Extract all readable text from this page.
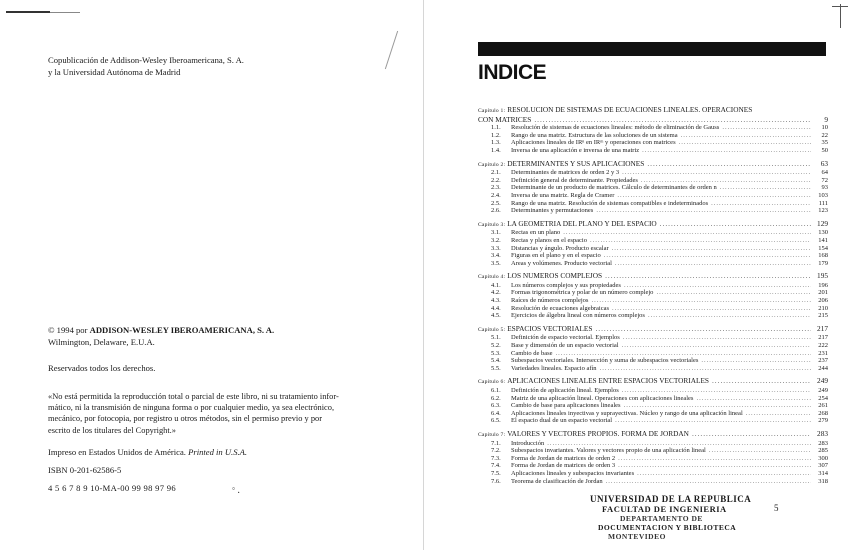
Copublicación de Addison-Wesley Iberoamericana, S. A.
y la Universidad Autónoma de Madrid
© 1994 por ADDISON-WESLEY IBEROAMERICANA, S. A.
Wilmington, Delaware, E.U.A.
Reservados todos los derechos.
«No está permitida la reproducción total o parcial de este libro, ni su tratamiento infor-
mático, ni la transmisión de ninguna forma o por cualquier medio, ya sea electrónico,
mecánico, por fotocopia, por registro u otros métodos, sin el permiso previo y por
escrito de los titulares del Copyright.»
Impreso en Estados Unidos de América. Printed in U.S.A.
ISBN 0-201-62586-5
4 5 6 7 8 9 10-MA-00 99 98 97 96	ﾟ·
INDICE
Capítulo 1: RESOLUCION DE SISTEMAS DE ECUACIONES LINEALES. OPERACIONES
CON MATRICES .....	9
1.1.	Resolución de sistemas de ecuaciones lineales: método de eliminación de Gauss .....	10
1.2.	Rango de una matriz. Estructura de las soluciones de un sistema .....	22
1.3.	Aplicaciones lineales de IRⁿ en IRᵐ y operaciones con matrices .....	35
1.4.	Inversa de una aplicación e inversa de una matriz .....	50
Capítulo 2: DETERMINANTES Y SUS APLICACIONES .....	63
2.1.	Determinantes de matrices de orden 2 y 3 .....	64
2.2.	Definición general de determinante. Propiedades .....	72
2.3.	Determinante de un producto de matrices. Cálculo de determinantes de orden n .....	93
2.4.	Inversa de una matriz. Regla de Cramer .....	103
2.5.	Rango de una matriz. Resolución de sistemas compatibles e indeterminados .....	111
2.6.	Determinantes y permutaciones .....	123
Capítulo 3: LA GEOMETRIA DEL PLANO Y DEL ESPACIO .....	129
3.1.	Rectas en un plano .....	130
3.2.	Rectas y planos en el espacio .....	141
3.3.	Distancias y ángulo. Producto escalar .....	154
3.4.	Figuras en el plano y en el espacio .....	168
3.5.	Areas y volúmenes. Producto vectorial .....	179
Capítulo 4: LOS NUMEROS COMPLEJOS .....	195
4.1.	Los números complejos y sus propiedades .....	196
4.2.	Formas trigonométrica y polar de un número complejo .....	201
4.3.	Raíces de números complejos .....	206
4.4.	Resolución de ecuaciones algebraicas .....	210
4.5.	Ejercicios de álgebra lineal con números complejos .....	215
Capítulo 5: ESPACIOS VECTORIALES .....	217
5.1.	Definición de espacio vectorial. Ejemplos .....	217
5.2.	Base y dimensión de un espacio vectorial .....	222
5.3.	Cambio de base .....	231
5.4.	Subespacios vectoriales. Intersección y suma de subespacios vectoriales .....	237
5.5.	Variedades lineales. Espacio afín .....	244
Capítulo 6: APLICACIONES LINEALES ENTRE ESPACIOS VECTORIALES .....	249
6.1.	Definición de aplicación lineal. Ejemplos .....	249
6.2.	Matriz de una aplicación lineal. Operaciones con aplicaciones lineales .....	254
6.3.	Cambio de base para aplicaciones lineales .....	261
6.4.	Aplicaciones lineales inyectivas y suprayectivas. Núcleo y rango de una aplicación lineal .....	268
6.5.	El espacio dual de un espacio vectorial .....	279
Capítulo 7: VALORES Y VECTORES PROPIOS. FORMA DE JORDAN .....	283
7.1.	Introducción .....	283
7.2.	Subespacios invariantes. Valores y vectores propio de una aplicación lineal .....	285
7.3.	Forma de Jordan de matrices de orden 2 .....	300
7.4.	Forma de Jordan de matrices de orden 3 .....	307
7.5.	Aplicaciones lineales y subespacios invariantes .....	314
7.6.	Teorema de clasificación de Jordan .....	318
UNIVERSIDAD DE LA REPUBLICA
FACULTAD DE INGENIERIA
DEPARTAMENTO DE
DOCUMENTACION Y BIBLIOTECA
MONTEVIDEO
5
